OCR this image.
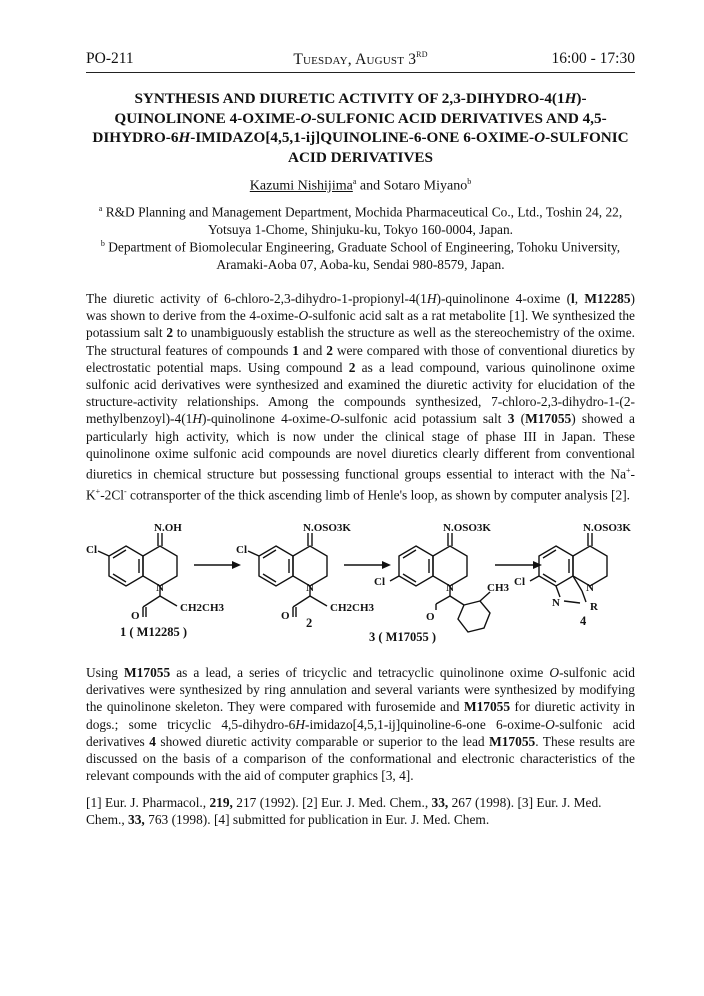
PO-211	Tuesday, August 3RD	16:00 - 17:30
SYNTHESIS AND DIURETIC ACTIVITY OF 2,3-DIHYDRO-4(1H)-QUINOLINONE 4-OXIME-O-SULFONIC ACID DERIVATIVES AND 4,5-DIHYDRO-6H-IMIDAZO[4,5,1-ij]QUINOLINE-6-ONE 6-OXIME-O-SULFONIC ACID DERIVATIVES
Kazumi Nishijima$^a$ and Sotaro Miyano$^b$
$^a$ R&D Planning and Management Department, Mochida Pharmaceutical Co., Ltd., Toshin 24, 22, Yotsuya 1-Chome, Shinjuku-ku, Tokyo 160-0004, Japan.
$^b$ Department of Biomolecular Engineering, Graduate School of Engineering, Tohoku University, Aramaki-Aoba 07, Aoba-ku, Sendai 980-8579, Japan.
The diuretic activity of 6-chloro-2,3-dihydro-1-propionyl-4(1H)-quinolinone 4-oxime (l, M12285) was shown to derive from the 4-oxime-O-sulfonic acid salt as a rat metabolite [1]. We synthesized the potassium salt 2 to unambiguously establish the structure as well as the stereochemistry of the oxime. The structural features of compounds 1 and 2 were compared with those of conventional diuretics by electrostatic potential maps. Using compound 2 as a lead compound, various quinolinone oxime sulfonic acid derivatives were synthesized and examined the diuretic activity for elucidation of the structure-activity relationships. Among the compounds synthesized, 7-chloro-2,3-dihydro-1-(2-methylbenzoyl)-4(1H)-quinolinone 4-oxime-O-sulfonic acid potassium salt 3 (M17055) showed a particularly high activity, which is now under the clinical stage of phase III in Japan. These quinolinone oxime sulfonic acid compounds are novel diuretics clearly different from conventional diuretics in chemical structure but possessing functional groups essential to interact with the Na+-K+-2Cl- cotransporter of the thick ascending limb of Henle's loop, as shown by computer analysis [2].
N.OH	N.OSO3K	N.OSO3K	N.OSO3K
Cl	Cl
Cl	Cl
N	N	N	N
N
O	O	O
CH2CH3	CH2CH3
CH3
R
1 ( M12285 )
2
3 ( M17055 )
4
Using M17055 as a lead, a series of tricyclic and tetracyclic quinolinone oxime O-sulfonic acid derivatives were synthesized by ring annulation and several variants were synthesized by modifying the quinolinone skeleton. They were compared with furosemide and M17055 for diuretic activity in dogs.; some tricyclic 4,5-dihydro-6H-imidazo[4,5,1-ij]quinoline-6-one 6-oxime-O-sulfonic acid derivatives 4 showed diuretic activity comparable or superior to the lead M17055. These results are discussed on the basis of a comparison of the conformational and electronic characteristics of the relevant compounds with the aid of computer graphics [3, 4].
[1] Eur. J. Pharmacol., 219, 217 (1992). [2] Eur. J. Med. Chem., 33, 267 (1998). [3] Eur. J. Med. Chem., 33, 763 (1998). [4] submitted for publication in Eur. J. Med. Chem.
